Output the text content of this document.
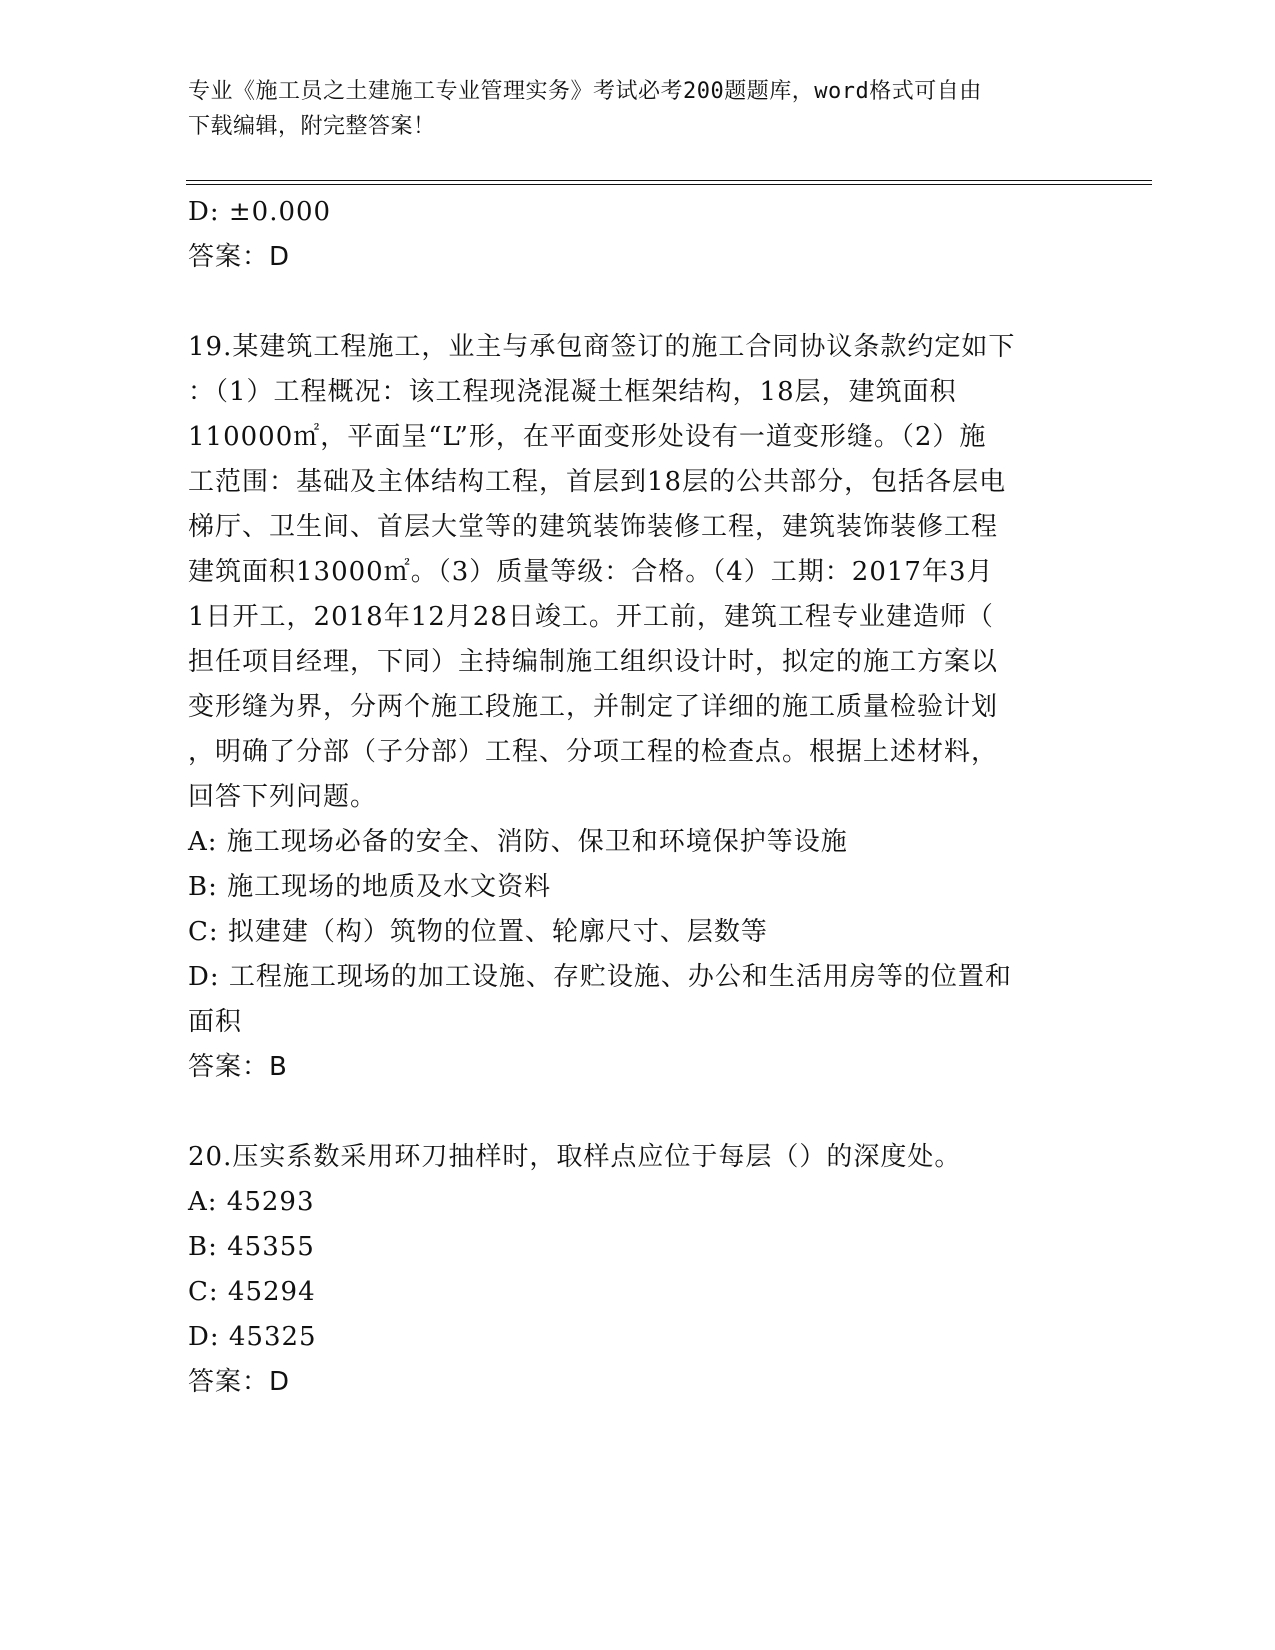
专业《施工员之土建施工专业管理实务》考试必考200题题库，word格式可自由
下载编辑，附完整答案！
D: ±0.000
答案：D
19.某建筑工程施工，业主与承包商签订的施工合同协议条款约定如下
：（1）工程概况：该工程现浇混凝土框架结构，18层，建筑面积
110000㎡，平面呈“L”形，在平面变形处设有一道变形缝。（2）施
工范围：基础及主体结构工程，首层到18层的公共部分，包括各层电
梯厅、卫生间、首层大堂等的建筑装饰装修工程，建筑装饰装修工程
建筑面积13000㎡。（3）质量等级：合格。（4）工期：2017年3月
1日开工，2018年12月28日竣工。开工前，建筑工程专业建造师（
担任项目经理，下同）主持编制施工组织设计时，拟定的施工方案以
变形缝为界，分两个施工段施工，并制定了详细的施工质量检验计划
，明确了分部（子分部）工程、分项工程的检查点。根据上述材料，
回答下列问题。
A: 施工现场必备的安全、消防、保卫和环境保护等设施
B: 施工现场的地质及水文资料
C: 拟建建（构）筑物的位置、轮廓尺寸、层数等
D: 工程施工现场的加工设施、存贮设施、办公和生活用房等的位置和
面积
答案：B
20.压实系数采用环刀抽样时，取样点应位于每层（）的深度处。
A: 45293
B: 45355
C: 45294
D: 45325
答案：D
